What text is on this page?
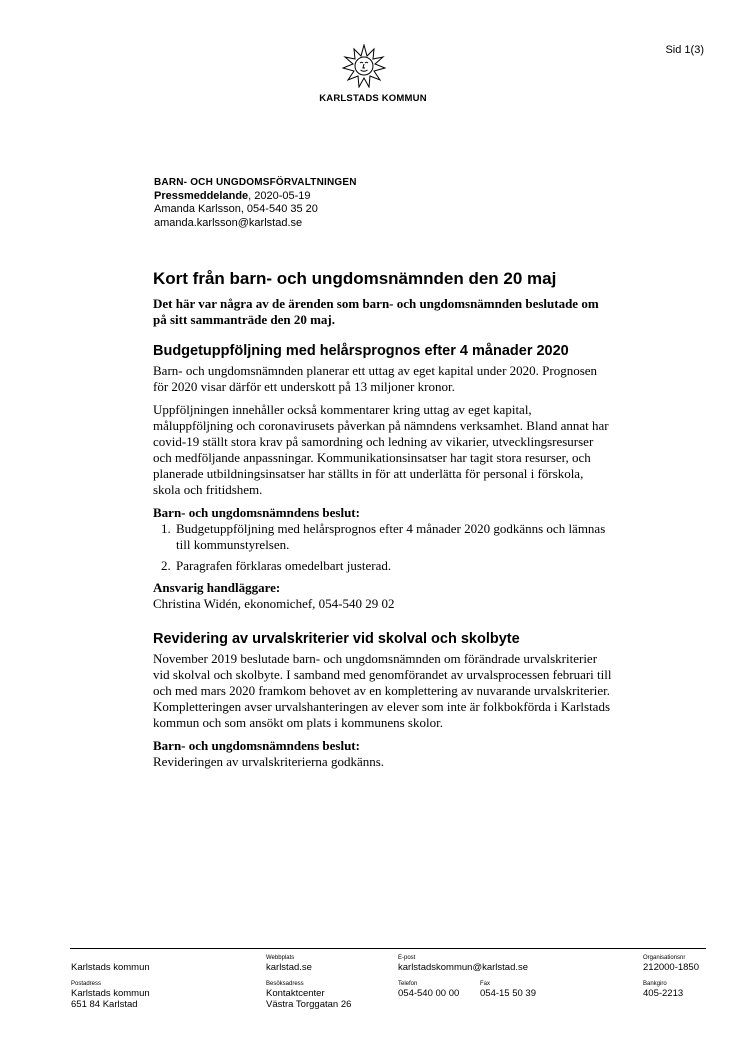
Sid 1(3)
KARLSTADS KOMMUN
BARN- OCH UNGDOMSFÖRVALTNINGEN
Pressmeddelande, 2020-05-19
Amanda Karlsson, 054-540 35 20
amanda.karlsson@karlstad.se
Kort från barn- och ungdomsnämnden den 20 maj

Det här var några av de ärenden som barn- och ungdomsnämnden beslutade om på sitt sammanträde den 20 maj.

Budgetuppföljning med helårsprognos efter 4 månader 2020

Barn- och ungdomsnämnden planerar ett uttag av eget kapital under 2020. Prognosen för 2020 visar därför ett underskott på 13 miljoner kronor.

Uppföljningen innehåller också kommentarer kring uttag av eget kapital, måluppföljning och coronavirusets påverkan på nämndens verksamhet. Bland annat har covid-19 ställt stora krav på samordning och ledning av vikarier, utvecklingsresurser och medföljande anpassningar. Kommunikationsinsatser har tagit stora resurser, och planerade utbildningsinsatser har ställts in för att underlätta för personal i förskola, skola och fritidshem.

Barn- och ungdomsnämndens beslut:

1. Budgetuppföljning med helårsprognos efter 4 månader 2020 godkänns och lämnas till kommunstyrelsen.
2. Paragrafen förklaras omedelbart justerad.

Ansvarig handläggare:

Christina Widén, ekonomichef, 054-540 29 02

Revidering av urvalskriterier vid skolval och skolbyte

November 2019 beslutade barn- och ungdomsnämnden om förändrade urvalskriterier vid skolval och skolbyte. I samband med genomförandet av urvalsprocessen februari till och med mars 2020 framkom behovet av en komplettering av nuvarande urvalskriterier. Kompletteringen avser urvalshanteringen av elever som inte är folkbokförda i Karlstads kommun och som ansökt om plats i kommunens skolor.

Barn- och ungdomsnämndens beslut:

Revideringen av urvalskriterierna godkänns.

Karlstads kommun
Webbplats
karlstad.se
E-post
karlstadskommun@karlstad.se
Organisationsnr
212000-1850
Postadress
Karlstads kommun
651 84 Karlstad
Besöksadress
Kontaktcenter
Västra Torggatan 26
Telefon
054-540 00 00
Fax
054-15 50 39
Bankgiro
405-2213
